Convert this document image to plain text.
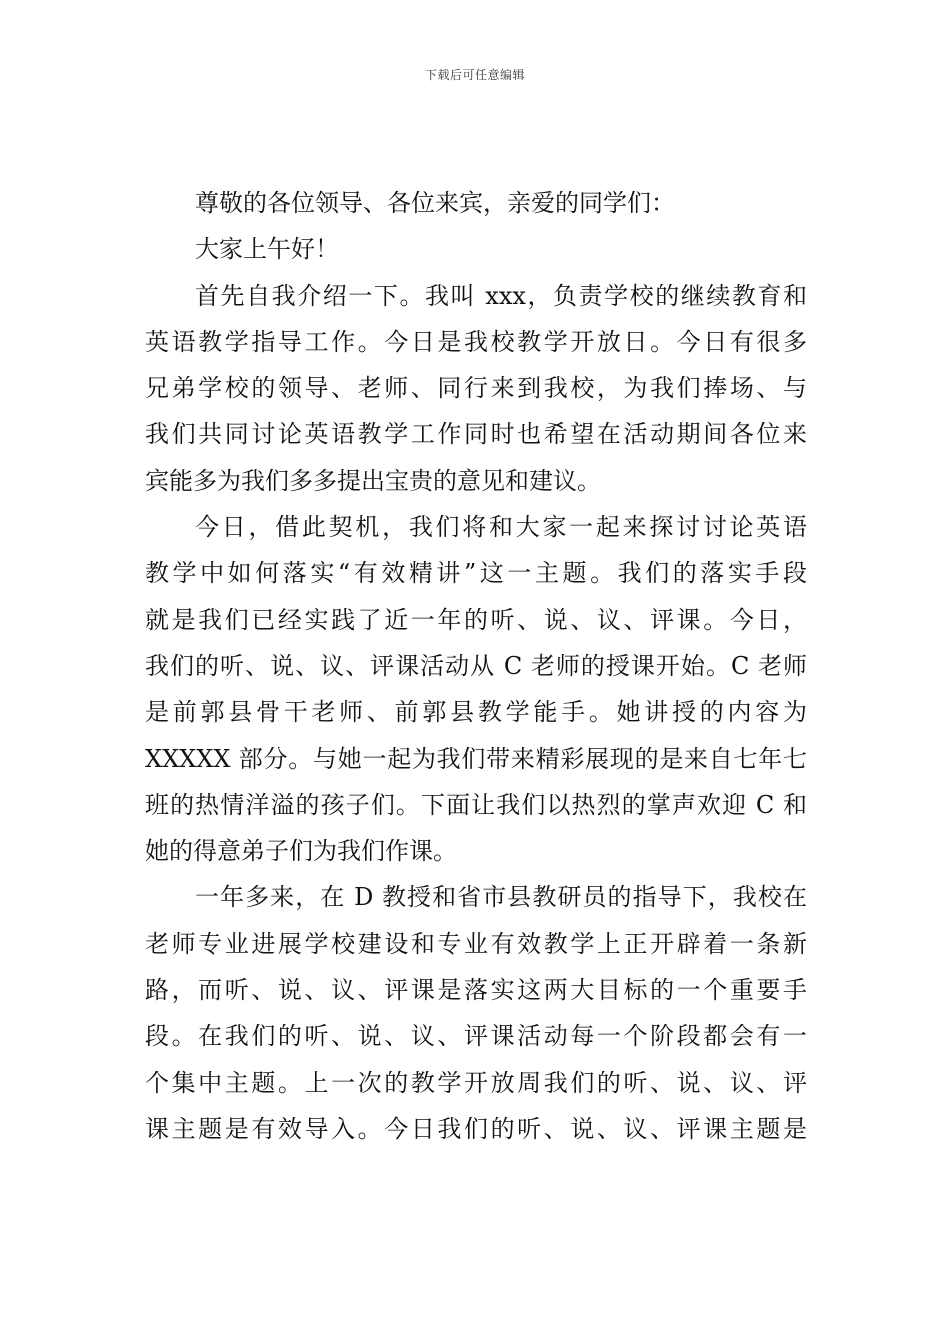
下载后可任意编辑
尊敬的各位领导、各位来宾，亲爱的同学们：
大家上午好！
首先自我介绍一下。我叫 xxx，负责学校的继续教育和
英语教学指导工作。今日是我校教学开放日。今日有很多
兄弟学校的领导、老师、同行来到我校，为我们捧场、与
我们共同讨论英语教学工作同时也希望在活动期间各位来
宾能多为我们多多提出宝贵的意见和建议。
今日，借此契机，我们将和大家一起来探讨讨论英语
教学中如何落实“有效精讲”这一主题。我们的落实手段
就是我们已经实践了近一年的听、说、议、评课。今日，
我们的听、说、议、评课活动从 C 老师的授课开始。C 老师
是前郭县骨干老师、前郭县教学能手。她讲授的内容为
XXXXX 部分。与她一起为我们带来精彩展现的是来自七年七
班的热情洋溢的孩子们。下面让我们以热烈的掌声欢迎 C 和
她的得意弟子们为我们作课。
一年多来，在 D 教授和省市县教研员的指导下，我校在
老师专业进展学校建设和专业有效教学上正开辟着一条新
路，而听、说、议、评课是落实这两大目标的一个重要手
段。在我们的听、说、议、评课活动每一个阶段都会有一
个集中主题。上一次的教学开放周我们的听、说、议、评
课主题是有效导入。今日我们的听、说、议、评课主题是
